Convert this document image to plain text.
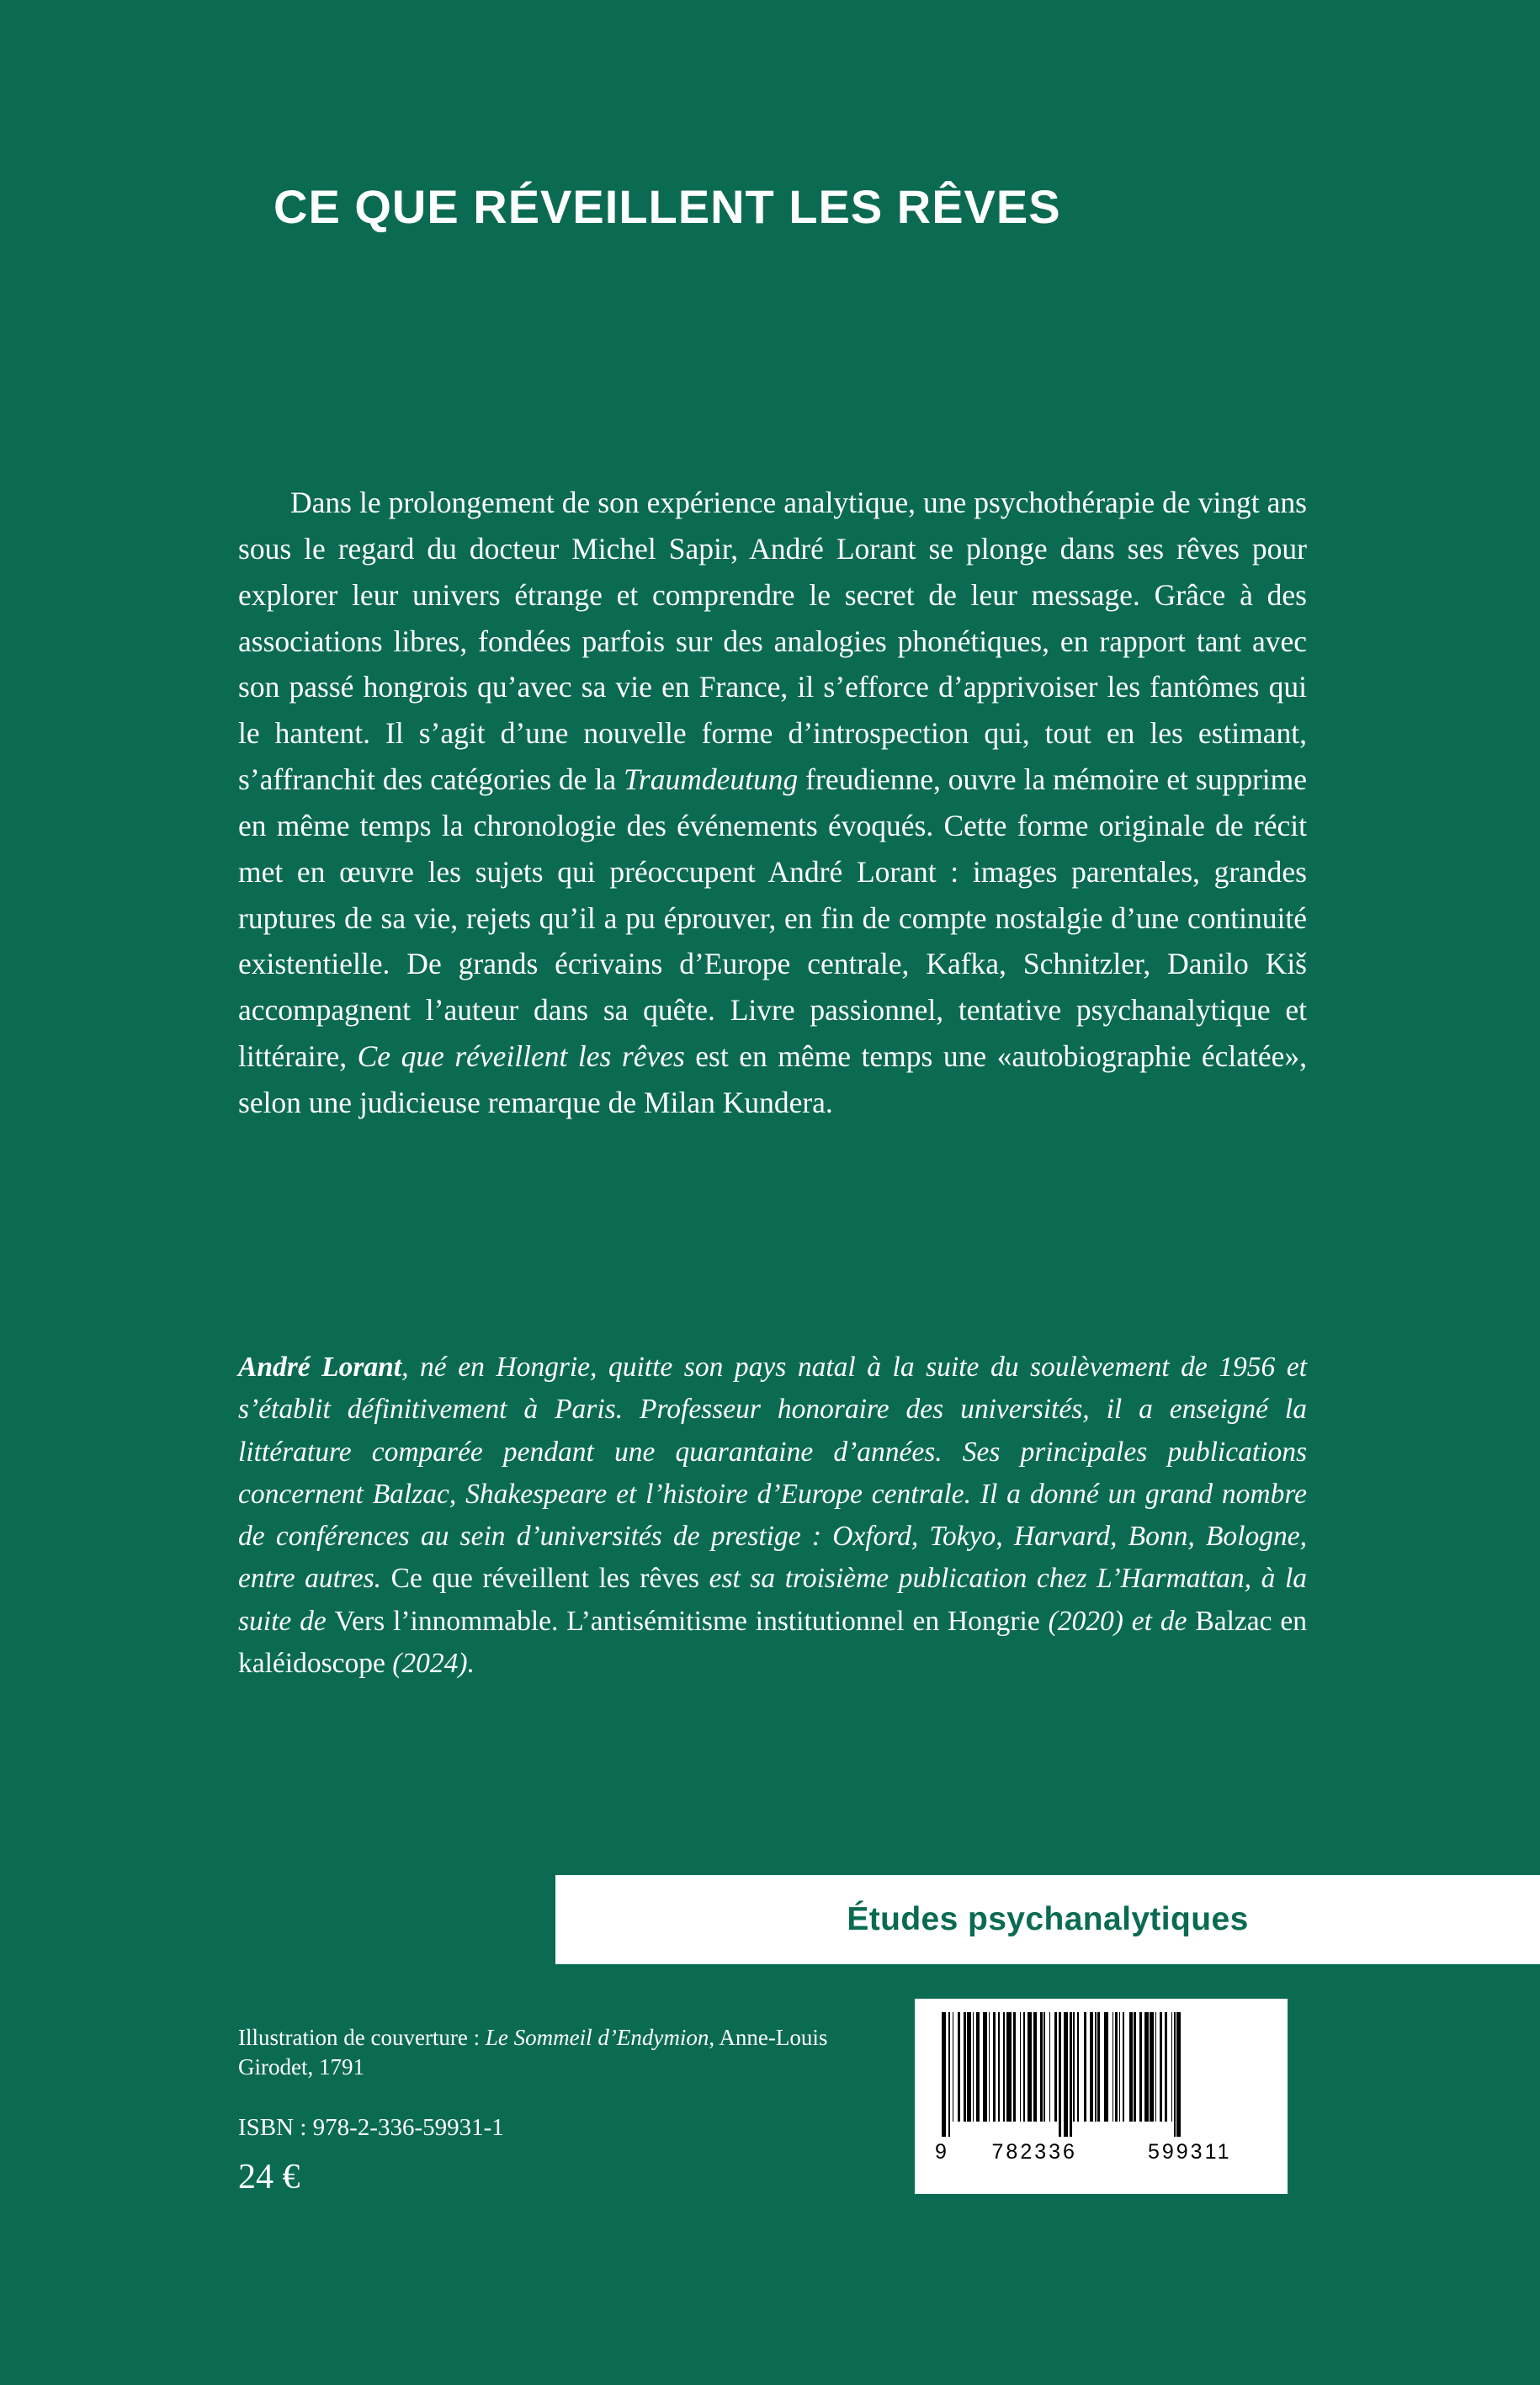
CE QUE RÉVEILLENT LES RÊVES
Dans le prolongement de son expérience analytique, une psychothérapie de vingt ans sous le regard du docteur Michel Sapir, André Lorant se plonge dans ses rêves pour explorer leur univers étrange et comprendre le secret de leur message. Grâce à des associations libres, fondées parfois sur des analogies phonétiques, en rapport tant avec son passé hongrois qu’avec sa vie en France, il s’efforce d’apprivoiser les fantômes qui le hantent. Il s’agit d’une nouvelle forme d’introspection qui, tout en les estimant, s’affranchit des catégories de la Traumdeutung freudienne, ouvre la mémoire et supprime en même temps la chronologie des événements évoqués. Cette forme originale de récit met en œuvre les sujets qui préoccupent André Lorant : images parentales, grandes ruptures de sa vie, rejets qu’il a pu éprouver, en fin de compte nostalgie d’une continuité existentielle. De grands écrivains d’Europe centrale, Kafka, Schnitzler, Danilo Kiš accompagnent l’auteur dans sa quête. Livre passionnel, tentative psychanalytique et littéraire, Ce que réveillent les rêves est en même temps une «autobiographie éclatée», selon une judicieuse remarque de Milan Kundera.
André Lorant, né en Hongrie, quitte son pays natal à la suite du soulèvement de 1956 et s’établit définitivement à Paris. Professeur honoraire des universités, il a enseigné la littérature comparée pendant une quarantaine d’années. Ses principales publications concernent Balzac, Shakespeare et l’histoire d’Europe centrale. Il a donné un grand nombre de conférences au sein d’universités de prestige : Oxford, Tokyo, Harvard, Bonn, Bologne, entre autres. Ce que réveillent les rêves est sa troisième publication chez L’Harmattan, à la suite de Vers l’innommable. L’antisémitisme institutionnel en Hongrie (2020) et de Balzac en kaléidoscope (2024).
Études psychanalytiques
Illustration de couverture : Le Sommeil d’Endymion, Anne-Louis Girodet, 1791
ISBN : 978-2-336-59931-1
24 €
9	782336	599311
